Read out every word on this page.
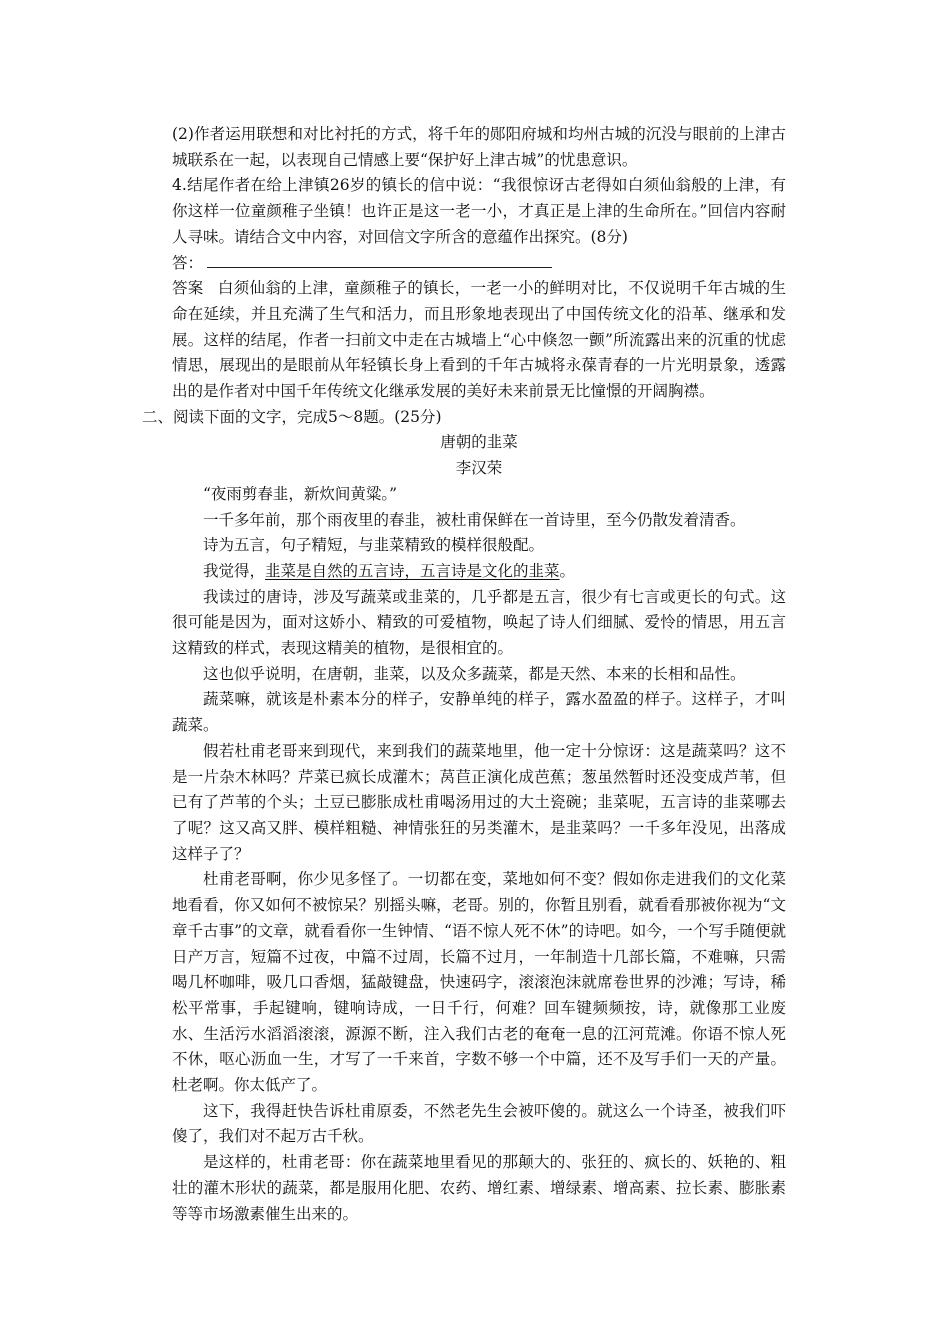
(2)作者运用联想和对比衬托的方式，将千年的郧阳府城和均州古城的沉没与眼前的上津古城联系在一起，以表现自己情感上要“保护好上津古城”的忧患意识。

4.结尾作者在给上津镇26岁的镇长的信中说：“我很惊讶古老得如白须仙翁般的上津，有你这样一位童颜稚子坐镇！也许正是这一老一小，才真正是上津的生命所在。”回信内容耐人寻味。请结合文中内容，对回信文字所含的意蕴作出探究。(8分)

答：

答案 白须仙翁的上津，童颜稚子的镇长，一老一小的鲜明对比，不仅说明千年古城的生命在延续，并且充满了生气和活力，而且形象地表现出了中国传统文化的沿革、继承和发展。这样的结尾，作者一扫前文中走在古城墙上“心中倏忽一颤”所流露出来的沉重的忧虑情思，展现出的是眼前从年轻镇长身上看到的千年古城将永葆青春的一片光明景象，透露出的是作者对中国千年传统文化继承发展的美好未来前景无比憧憬的开阔胸襟。

二、阅读下面的文字，完成5～8题。(25分)

唐朝的韭菜

李汉荣

“夜雨剪春韭，新炊间黄粱。”

一千多年前，那个雨夜里的春韭，被杜甫保鲜在一首诗里，至今仍散发着清香。

诗为五言，句子精短，与韭菜精致的模样很般配。

我觉得，韭菜是自然的五言诗，五言诗是文化的韭菜。

我读过的唐诗，涉及写蔬菜或韭菜的，几乎都是五言，很少有七言或更长的句式。这很可能是因为，面对这娇小、精致的可爱植物，唤起了诗人们细腻、爱怜的情思，用五言这精致的样式，表现这精美的植物，是很相宜的。

这也似乎说明，在唐朝，韭菜，以及众多蔬菜，都是天然、本来的长相和品性。

蔬菜嘛，就该是朴素本分的样子，安静单纯的样子，露水盈盈的样子。这样子，才叫蔬菜。

假若杜甫老哥来到现代，来到我们的蔬菜地里，他一定十分惊讶：这是蔬菜吗？这不是一片杂木林吗？芹菜已疯长成灌木；莴苣正演化成芭蕉；葱虽然暂时还没变成芦苇，但已有了芦苇的个头；土豆已膨胀成杜甫喝汤用过的大土瓷碗；韭菜呢，五言诗的韭菜哪去了呢？这又高又胖、模样粗糙、神情张狂的另类灌木，是韭菜吗？一千多年没见，出落成这样子了？

杜甫老哥啊，你少见多怪了。一切都在变，菜地如何不变？假如你走进我们的文化菜地看看，你又如何不被惊呆？别摇头嘛，老哥。别的，你暂且别看，就看看那被你视为“文章千古事”的文章，就看看你一生钟情、“语不惊人死不休”的诗吧。如今，一个写手随便就日产万言，短篇不过夜，中篇不过周，长篇不过月，一年制造十几部长篇，不难嘛，只需喝几杯咖啡，吸几口香烟，猛敲键盘，快速码字，滚滚泡沫就席卷世界的沙滩；写诗，稀松平常事，手起键响，键响诗成，一日千行，何难？回车键频频按，诗，就像那工业废水、生活污水滔滔滚滚，源源不断，注入我们古老的奄奄一息的江河荒滩。你语不惊人死不休，呕心沥血一生，才写了一千来首，字数不够一个中篇，还不及写手们一天的产量。杜老啊。你太低产了。

这下，我得赶快告诉杜甫原委，不然老先生会被吓傻的。就这么一个诗圣，被我们吓傻了，我们对不起万古千秋。

是这样的，杜甫老哥：你在蔬菜地里看见的那颠大的、张狂的、疯长的、妖艳的、粗壮的灌木形状的蔬菜，都是服用化肥、农药、增红素、增绿素、增高素、拉长素、膨胀素等等市场激素催生出来的。
